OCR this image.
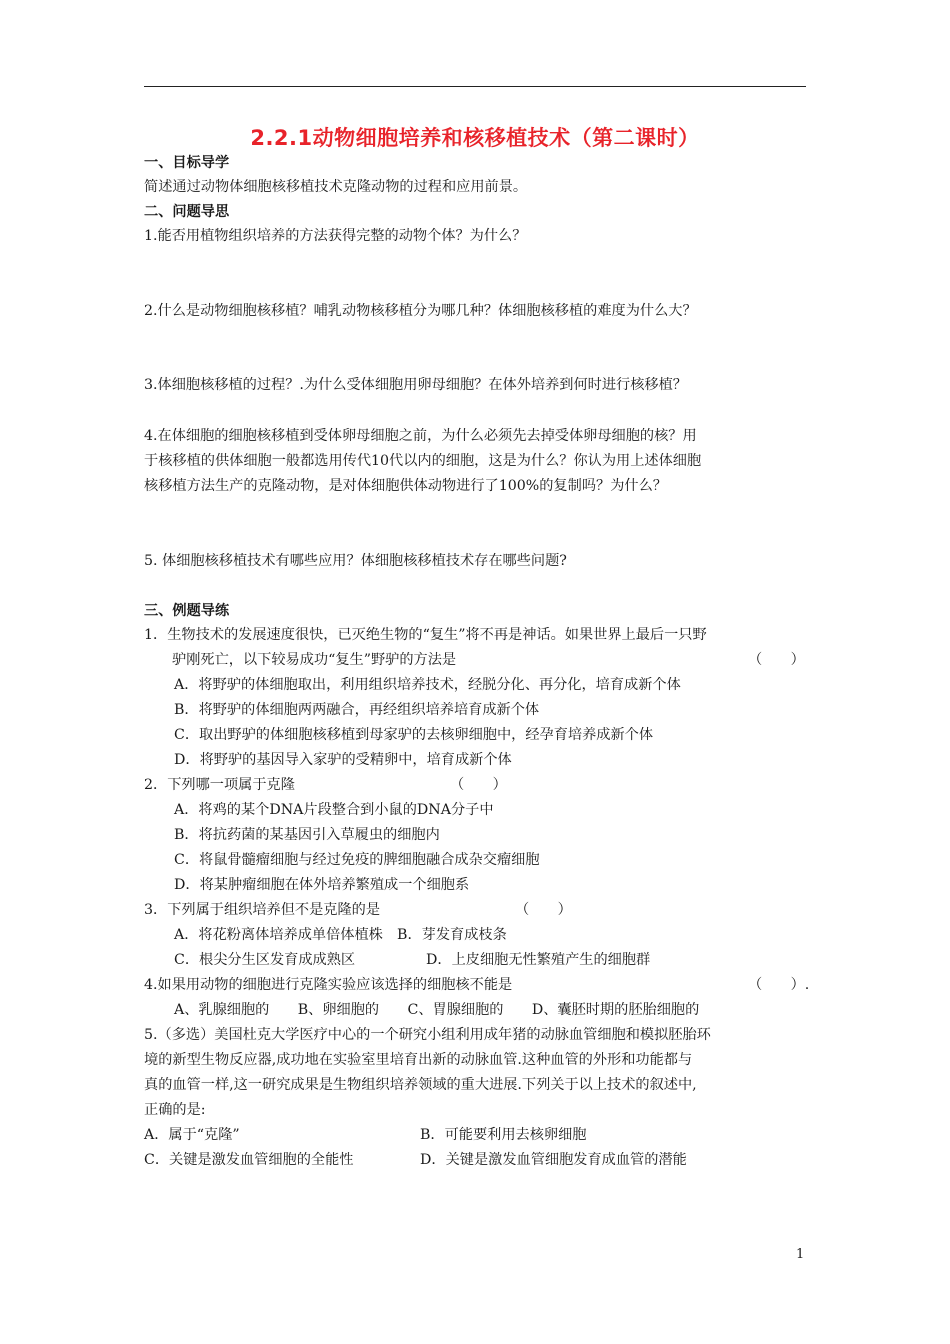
2.2.1动物细胞培养和核移植技术（第二课时）
一、目标导学
简述通过动物体细胞核移植技术克隆动物的过程和应用前景。
二、问题导思
1.能否用植物组织培养的方法获得完整的动物个体？为什么？
2.什么是动物细胞核移植？哺乳动物核移植分为哪几种？体细胞核移植的难度为什么大？
3.体细胞核移植的过程？.为什么受体细胞用卵母细胞？在体外培养到何时进行核移植？
4.在体细胞的细胞核移植到受体卵母细胞之前，为什么必须先去掉受体卵母细胞的核？用
于核移植的供体细胞一般都选用传代10代以内的细胞，这是为什么？你认为用上述体细胞
核移植方法生产的克隆动物，是对体细胞供体动物进行了100%的复制吗？为什么？
5. 体细胞核移植技术有哪些应用？体细胞核移植技术存在哪些问题?
三、例题导练
1．生物技术的发展速度很快，已灭绝生物的“复生”将不再是神话。如果世界上最后一只野
驴刚死亡，以下较易成功“复生”野驴的方法是	（　　）
A．将野驴的体细胞取出，利用组织培养技术，经脱分化、再分化，培育成新个体
B．将野驴的体细胞两两融合，再经组织培养培育成新个体
C．取出野驴的体细胞核移植到母家驴的去核卵细胞中，经孕育培养成新个体
D．将野驴的基因导入家驴的受精卵中，培育成新个体
2．下列哪一项属于克隆	（　　）
A．将鸡的某个DNA片段整合到小鼠的DNA分子中
B．将抗药菌的某基因引入草履虫的细胞内
C．将鼠骨髓瘤细胞与经过免疫的脾细胞融合成杂交瘤细胞
D．将某肿瘤细胞在体外培养繁殖成一个细胞系
3．下列属于组织培养但不是克隆的是	（　　）
A．将花粉离体培养成单倍体植株　B．芽发育成枝条
C．根尖分生区发育成成熟区	D．上皮细胞无性繁殖产生的细胞群
4.如果用动物的细胞进行克隆实验应该选择的细胞核不能是	（　　）.
A、乳腺细胞的　　B、卵细胞的　　C、胃腺细胞的　　D、囊胚时期的胚胎细胞的
5.（多选）美国杜克大学医疗中心的一个研究小组利用成年猪的动脉血管细胞和模拟胚胎环
境的新型生物反应器,成功地在实验室里培育出新的动脉血管.这种血管的外形和功能都与
真的血管一样,这一研究成果是生物组织培养领域的重大进展.下列关于以上技术的叙述中,
正确的是:
A．属于“克隆”	B．可能要利用去核卵细胞
C．关键是激发血管细胞的全能性	D．关键是激发血管细胞发育成血管的潜能
1
